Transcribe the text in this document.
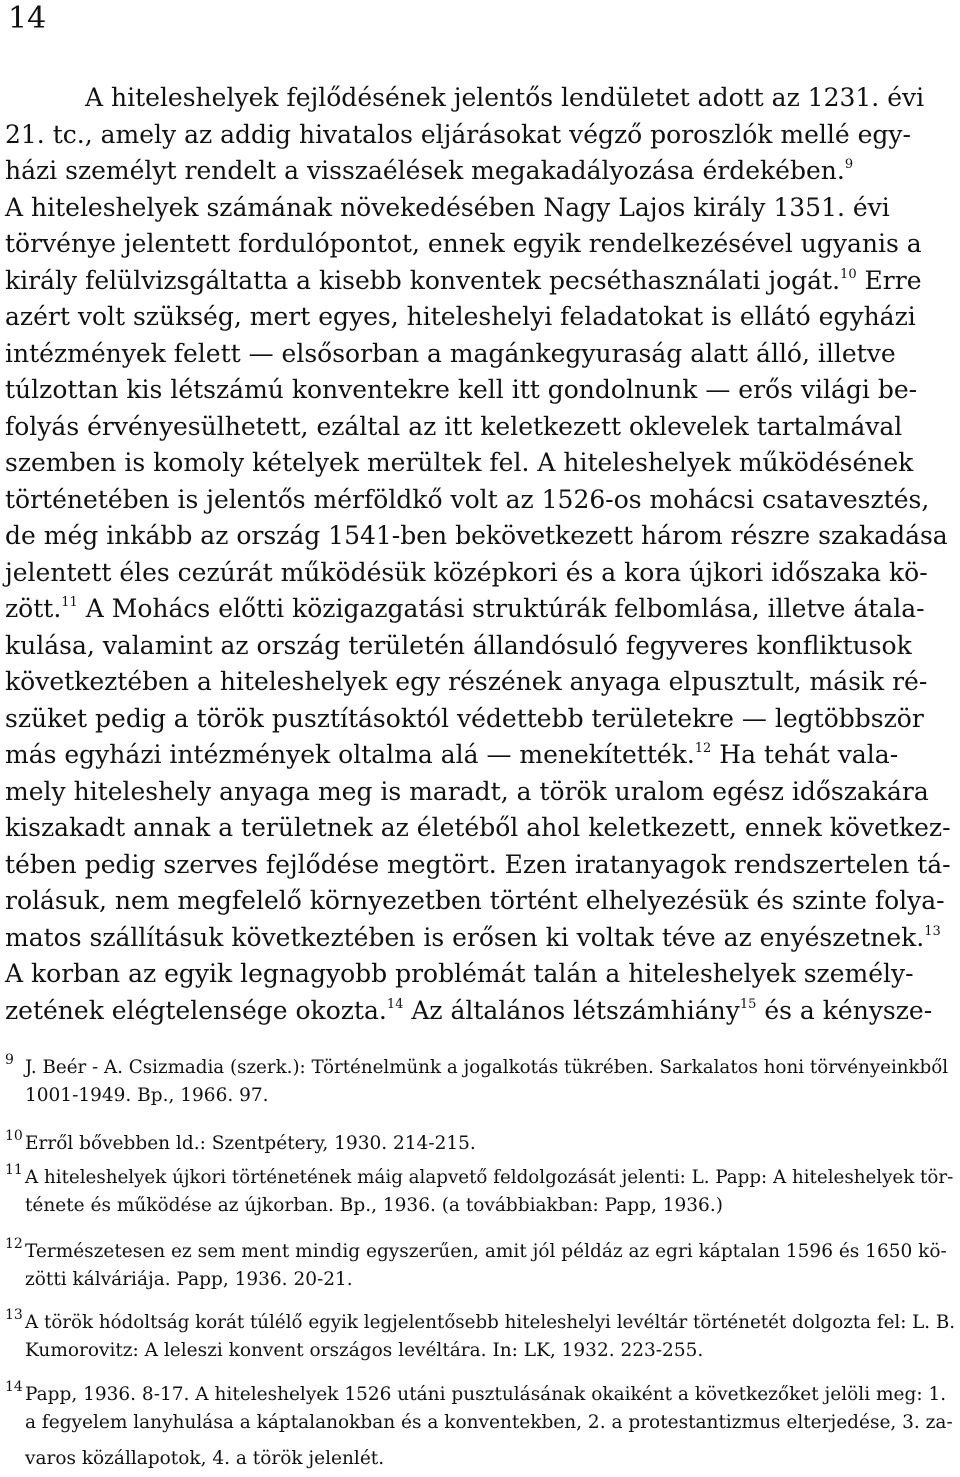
14
A hiteleshelyek fejlődésének jelentős lendületet adott az 1231. évi
21. tc., amely az addig hivatalos eljárásokat végző poroszlók mellé egy-
házi személyt rendelt a visszaélések megakadályozása érdekében.$^9$
A hiteleshelyek számának növekedésében Nagy Lajos király 1351. évi
törvénye jelentett fordulópontot, ennek egyik rendelkezésével ugyanis a
király felülvizsgáltatta a kisebb konventek pecséthasználati jogát.$^{10}$ Erre
azért volt szükség, mert egyes, hiteleshelyi feladatokat is ellátó egyházi
intézmények felett — elsősorban a magánkegyuraság alatt álló, illetve
túlzottan kis létszámú konventekre kell itt gondolnunk — erős világi be-
folyás érvényesülhetett, ezáltal az itt keletkezett oklevelek tartalmával
szemben is komoly kételyek merültek fel. A hiteleshelyek működésének
történetében is jelentős mérföldkő volt az 1526-os mohácsi csatavesztés,
de még inkább az ország 1541-ben bekövetkezett három részre szakadása
jelentett éles cezúrát működésük középkori és a kora újkori időszaka kö-
zött.$^{11}$ A Mohács előtti közigazgatási struktúrák felbomlása, illetve átala-
kulása, valamint az ország területén állandósuló fegyveres konfliktusok
következtében a hiteleshelyek egy részének anyaga elpusztult, másik ré-
szüket pedig a török pusztításoktól védettebb területekre — legtöbbször
más egyházi intézmények oltalma alá — menekítették.$^{12}$ Ha tehát vala-
mely hiteleshely anyaga meg is maradt, a török uralom egész időszakára
kiszakadt annak a területnek az életéből ahol keletkezett, ennek következ-
tében pedig szerves fejlődése megtört. Ezen iratanyagok rendszertelen tá-
rolásuk, nem megfelelő környezetben történt elhelyezésük és szinte folya-
matos szállításuk következtében is erősen ki voltak téve az enyészetnek.$^{13}$
A korban az egyik legnagyobb problémát talán a hiteleshelyek személy-
zetének elégtelensége okozta.$^{14}$ Az általános létszámhiány$^{15}$ és a kénysze-
9 J. Beér - A. Csizmadia (szerk.): Történelmünk a jogalkotás tükrében. Sarkalatos honi törvényeinkből
1001-1949. Bp., 1966. 97.
10 Erről bővebben ld.: Szentpétery, 1930. 214-215.
11 A hiteleshelyek újkori történetének máig alapvető feldolgozását jelenti: L. Papp: A hiteleshelyek tör-
ténete és működése az újkorban. Bp., 1936. (a továbbiakban: Papp, 1936.)
12 Természetesen ez sem ment mindig egyszerűen, amit jól példáz az egri káptalan 1596 és 1650 kö-
zötti kálváriája. Papp, 1936. 20-21.
13 A török hódoltság korát túlélő egyik legjelentősebb hiteleshelyi levéltár történetét dolgozta fel: L. B.
Kumorovitz: A leleszi konvent országos levéltára. In: LK, 1932. 223-255.
14 Papp, 1936. 8-17. A hiteleshelyek 1526 utáni pusztulásának okaiként a következőket jelöli meg: 1.
a fegyelem lanyhulása a káptalanokban és a konventekben, 2. a protestantizmus elterjedése, 3. za-
varos közállapotok, 4. a török jelenlét.
